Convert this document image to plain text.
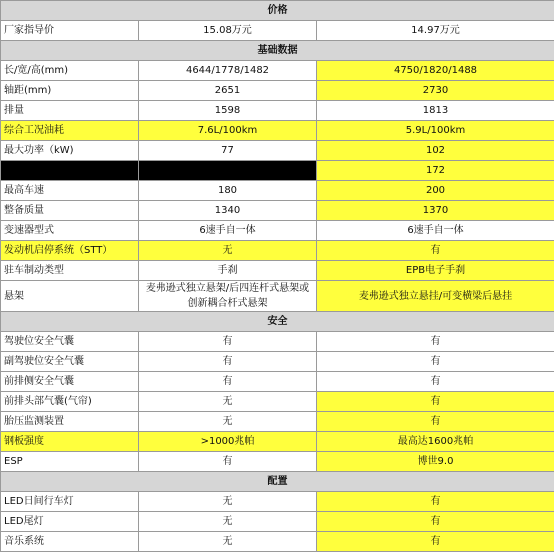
价格		
厂家指导价	15.08万元	14.97万元
基础数据		
长/宽/高(mm)	4644/1778/1482	4750/1820/1488
轴距(mm)	2651	2730
排量	1598	1813
综合工况油耗	7.6L/100km	5.9L/100km
最大功率（kW)	77	102
		172
最高车速	180	200
整备质量	1340	1370
变速器型式	6速手自一体	6速手自一体
发动机启停系统（STT）	无	有
驻车制动类型	手刹	EPB电子手刹
悬架	麦弗逊式独立悬架/后四连杆式悬架或创新耦合杆式悬架	麦弗逊式独立悬挂/可变横梁后悬挂
安全		
驾驶位安全气囊	有	有
副驾驶位安全气囊	有	有
前排侧安全气囊	有	有
前排头部气囊(气帘)	无	有
胎压监测装置	无	有
钢板强度	>1000兆帕	最高达1600兆帕
ESP	有	博世9.0
配置		
LED日间行车灯	无	有
LED尾灯	无	有
音乐系统	无	有
